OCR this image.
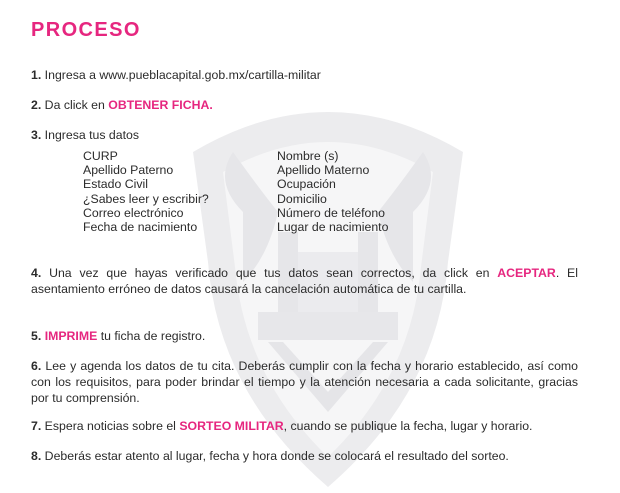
PROCESO

1. Ingresa a www.pueblacapital.gob.mx/cartilla-militar

2. Da click en OBTENER FICHA.

3. Ingresa tus datos

CURP
Apellido Paterno
Estado Civil
¿Sabes leer y escribir?
Correo electrónico
Fecha de nacimiento
Nombre (s)
Apellido Materno
Ocupación
Domicilio
Número de teléfono
Lugar de nacimiento

4. Una vez que hayas verificado que tus datos sean correctos, da click en ACEPTAR. El asentamiento erróneo de datos causará la cancelación automática de tu cartilla.

5. IMPRIME tu ficha de registro.

6. Lee y agenda los datos de tu cita. Deberás cumplir con la fecha y horario establecido, así como con los requisitos, para poder brindar el tiempo y la atención necesaria a cada solicitante, gracias por tu comprensión.

7. Espera noticias sobre el SORTEO MILITAR, cuando se publique la fecha, lugar y horario.

8. Deberás estar atento al lugar, fecha y hora donde se colocará el resultado del sorteo.
